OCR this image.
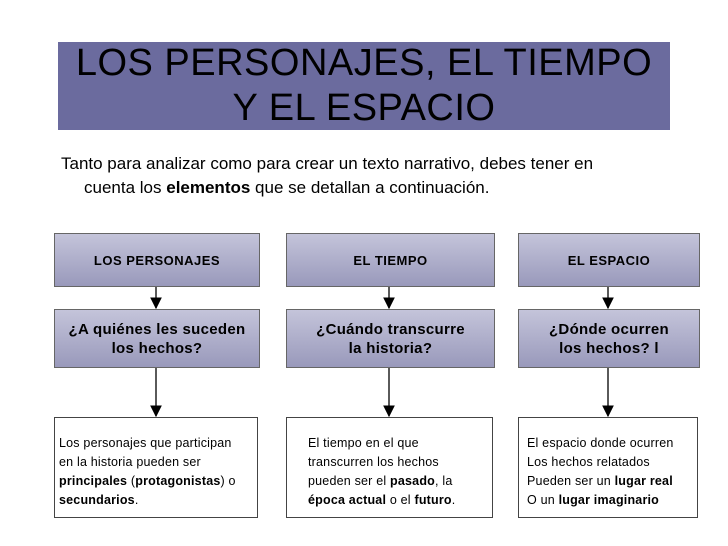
LOS PERSONAJES, EL TIEMPO
Y EL ESPACIO
Tanto para analizar como para crear un texto narrativo, debes tener en
cuenta los elementos que se detallan a continuación.
LOS PERSONAJES	EL TIEMPO	EL ESPACIO
¿A quiénes les suceden
los hechos?
¿Cuándo transcurre
la historia?
¿Dónde ocurren
los hechos? l
Los personajes que participan
en la historia pueden ser
principales (protagonistas) o
secundarios.
El tiempo en el que
transcurren los hechos
pueden ser el pasado, la
época actual o el futuro.
El espacio donde ocurren
Los hechos relatados
Pueden ser un lugar real
O un lugar imaginario
